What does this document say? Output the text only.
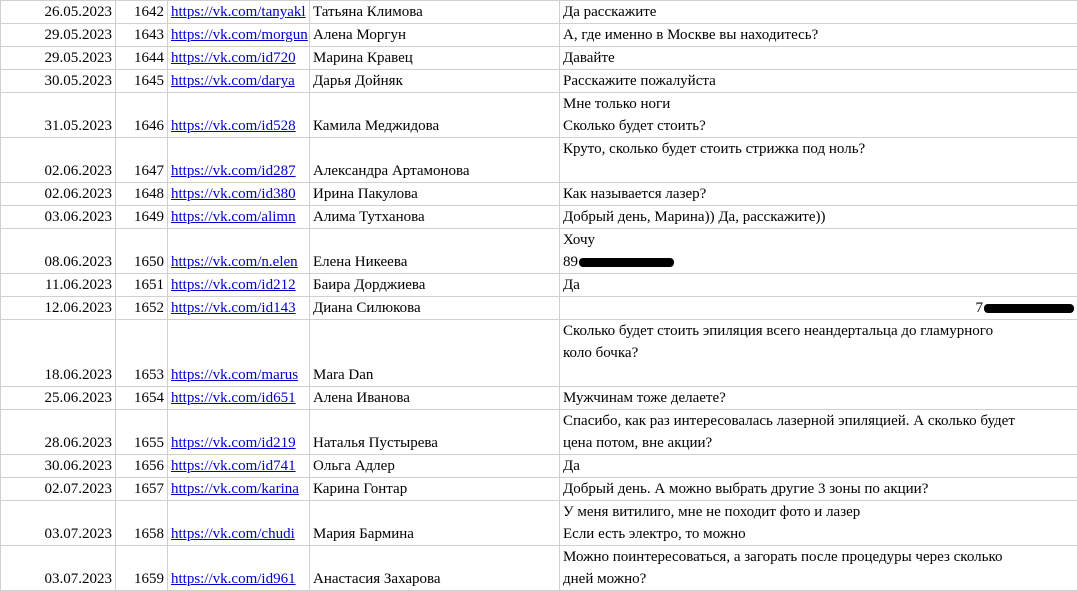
26.05.2023	1642	https://vk.com/tanyakl	Татьяна Климова	Да расскажите

29.05.2023	1643	https://vk.com/morgun	Алена Моргун	А, где именно в Москве вы находитесь?

29.05.2023	1644	https://vk.com/id720	Марина Кравец	Давайте

30.05.2023	1645	https://vk.com/darya	Дарья Дойняк	Расскажите пожалуйста

31.05.2023	1646	https://vk.com/id528	Камила Меджидова	Мне только ноги
Сколько будет стоить?

02.06.2023	1647	https://vk.com/id287	Александра Артамонова	Круто, сколько будет стоить стрижка под ноль?

02.06.2023	1648	https://vk.com/id380	Ирина Пакулова	Как называется лазер?

03.06.2023	1649	https://vk.com/alimn	Алима Тутханова	Добрый день, Марина)) Да, расскажите))

08.06.2023	1650	https://vk.com/n.elen	Елена Никеева	Хочу
89

11.06.2023	1651	https://vk.com/id212	Баира Дорджиева	Да

12.06.2023	1652	https://vk.com/id143	Диана Силюкова	7

18.06.2023	1653	https://vk.com/marus	Mara Dan	Сколько будет стоить эпиляция всего неандертальца до гламурного
коло бочка?

25.06.2023	1654	https://vk.com/id651	Алена Иванова	Мужчинам тоже делаете?

28.06.2023	1655	https://vk.com/id219	Наталья Пустырева	Спасибо, как раз интересовалась лазерной эпиляцией. А сколько будет
цена потом, вне акции?

30.06.2023	1656	https://vk.com/id741	Ольга Адлер	Да

02.07.2023	1657	https://vk.com/karina	Карина Гонтар	Добрый день. А можно выбрать другие 3 зоны по акции?

03.07.2023	1658	https://vk.com/chudi	Мария Бармина	У меня витилиго, мне не походит фото и лазер
Если есть электро, то можно

03.07.2023	1659	https://vk.com/id961	Анастасия Захарова	Можно поинтересоваться, а загорать после процедуры через сколько
дней можно?
